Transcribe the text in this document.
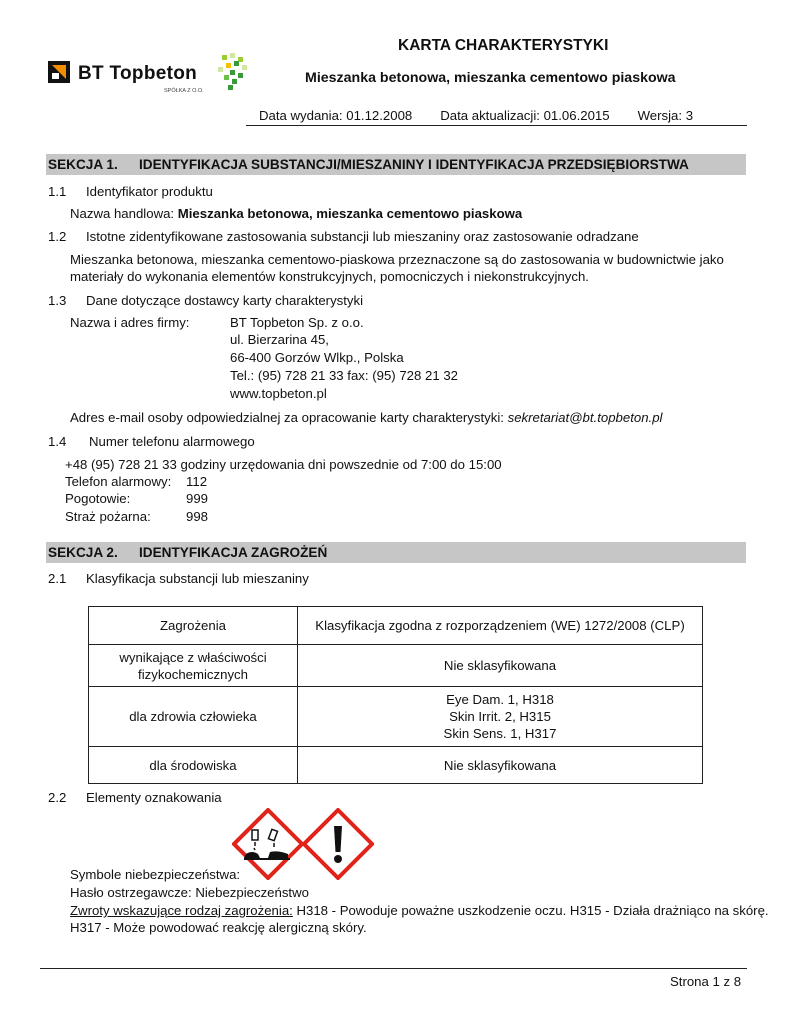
BT Topbeton
SPÓŁKA Z O.O.
KARTA CHARAKTERYSTYKI
Mieszanka betonowa, mieszanka cementowo piaskowa
Data wydania: 01.12.2008 Data aktualizacji: 01.06.2015 Wersja: 3
SEKCJA 1. IDENTYFIKACJA SUBSTANCJI/MIESZANINY I IDENTYFIKACJA PRZEDSIĘBIORSTWA
1.1 Identyfikator produktu
Nazwa handlowa: Mieszanka betonowa, mieszanka cementowo piaskowa
1.2 Istotne zidentyfikowane zastosowania substancji lub mieszaniny oraz zastosowanie odradzane
Mieszanka betonowa, mieszanka cementowo-piaskowa przeznaczone są do zastosowania w budownictwie jako
materiały do wykonania elementów konstrukcyjnych, pomocniczych i niekonstrukcyjnych.
1.3 Dane dotyczące dostawcy karty charakterystyki
Nazwa i adres firmy:	BT Topbeton Sp. z o.o.
ul. Bierzarina 45,
66-400 Gorzów Wlkp., Polska
Tel.: (95) 728 21 33 fax: (95) 728 21 32
www.topbeton.pl
Adres e-mail osoby odpowiedzialnej za opracowanie karty charakterystyki: sekretariat@bt.topbeton.pl
1.4 Numer telefonu alarmowego
+48 (95) 728 21 33 godziny urzędowania dni powszednie od 7:00 do 15:00
Telefon alarmowy: 112
Pogotowie:	999
Straż pożarna:	998
SEKCJA 2. IDENTYFIKACJA ZAGROŻEŃ
2.1 Klasyfikacja substancji lub mieszaniny
Zagrożenia	Klasyfikacja zgodna z rozporządzeniem (WE) 1272/2008 (CLP)

wynikające z właściwości fizykochemicznych	Nie sklasyfikowana

dla zdrowia człowieka	Eye Dam. 1, H318
Skin Irrit. 2, H315
Skin Sens. 1, H317

dla środowiska	Nie sklasyfikowana
2.2 Elementy oznakowania
Symbole niebezpieczeństwa:
Hasło ostrzegawcze: Niebezpieczeństwo
Zwroty wskazujące rodzaj zagrożenia: H318 - Powoduje poważne uszkodzenie oczu. H315 - Działa drażniąco na skórę.
H317 - Może powodować reakcję alergiczną skóry.
Strona 1 z 8
